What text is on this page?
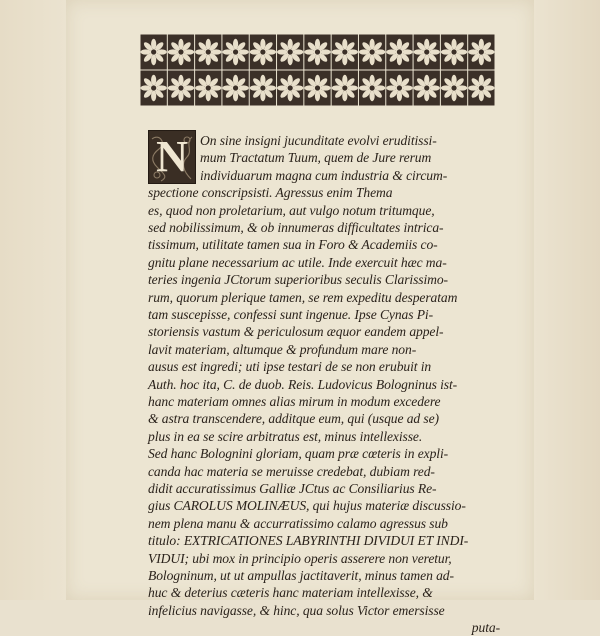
N On sine insigni jucunditate evolvi eruditissi-
mum Tractatum Tuum, quem de Jure rerum
individuarum magna cum industria & circum-
spectione conscripsisti. Agressus enim Thema
es, quod non proletarium, aut vulgo notum tritumque,
sed nobilissimum, & ob innumeras difficultates intrica-
tissimum, utilitate tamen sua in Foro & Academiis co-
gnitu plane necessarium ac utile. Inde exercuit hæc ma-
teries ingenia JCtorum superioribus seculis Clarissimo-
rum, quorum plerique tamen, se rem expeditu desperatam
tam suscepisse, confessi sunt ingenue. Ipse Cynas Pi-
storiensis vastum & periculosum æquor eandem appel-
lavit materiam, altumque & profundum mare non-
ausus est ingredi; uti ipse testari de se non erubuit in
Auth. hoc ita, C. de duob. Reis. Ludovicus Bologninus ist-
hanc materiam omnes alias mirum in modum excedere
& astra transcendere, additque eum, qui (usque ad se)
plus in ea se scire arbitratus est, minus intellexisse.
Sed hanc Bolognini gloriam, quam præ cœteris in expli-
canda hac materia se meruisse credebat, dubiam red-
didit accuratissimus Galliæ JCtus ac Consiliarius Re-
gius CAROLUS MOLINÆUS, qui hujus materiæ discussio-
nem plena manu & accurratissimo calamo agressus sub
titulo: EXTRICATIONES LABYRINTHI DIVIDUI ET INDI-
VIDUI; ubi mox in principio operis asserere non veretur,
Bologninum, ut ut ampullas jactitaverit, minus tamen ad-
huc & deterius cæteris hanc materiam intellexisse, &
infelicius navigasse, & hinc, qua solus Victor emersisse
puta-
